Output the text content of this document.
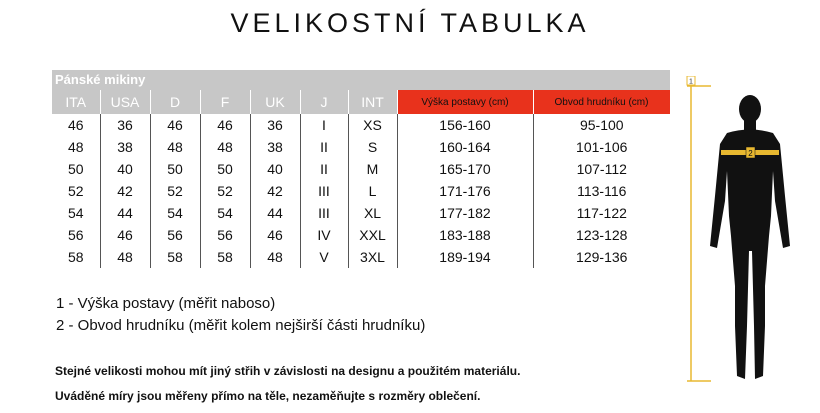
VELIKOSTNÍ TABULKA
Pánské mikiny
ITA	USA	D	F	UK	J	INT	Výška postavy (cm)	Obvod hrudníku (cm)
46	36	46	46	36	I	XS	156-160	95-100
48	38	48	48	38	II	S	160-164	101-106
50	40	50	50	40	II	M	165-170	107-112
52	42	52	52	42	III	L	171-176	113-116
54	44	54	54	44	III	XL	177-182	117-122
56	46	56	56	46	IV	XXL	183-188	123-128
58	48	58	58	48	V	3XL	189-194	129-136
1 - Výška postavy (měřit naboso)
2 - Obvod hrudníku (měřit kolem nejširší části hrudníku)
Stejné velikosti mohou mít jiný střih v závislosti na designu a použitém materiálu.
Uváděné míry jsou měřeny přímo na těle, nezaměňujte s rozměry oblečení.
1
2
